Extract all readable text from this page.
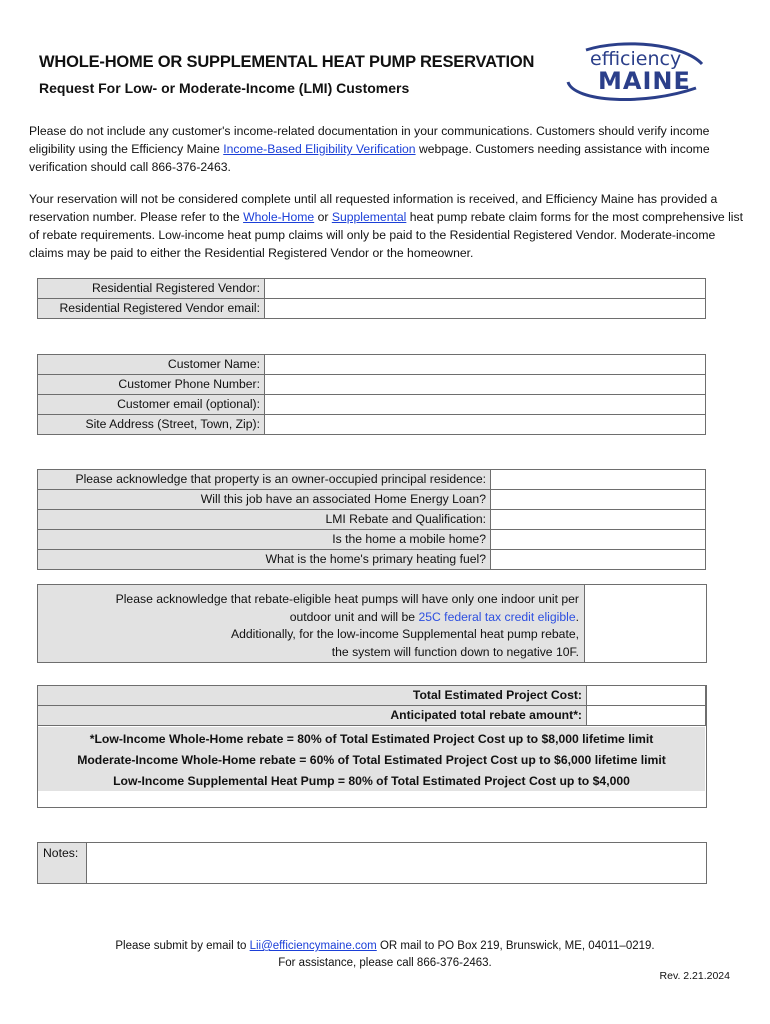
WHOLE-HOME OR SUPPLEMENTAL HEAT PUMP RESERVATION
Request For Low- or Moderate-Income (LMI) Customers
efficiency
MAINE
Please do not include any customer's income-related documentation in your communications. Customers should verify income eligibility using the Efficiency Maine Income-Based Eligibility Verification webpage. Customers needing assistance with income verification should call 866-376-2463.
Your reservation will not be considered complete until all requested information is received, and Efficiency Maine has provided a reservation number. Please refer to the Whole-Home or Supplemental heat pump rebate claim forms for the most comprehensive list of rebate requirements. Low-income heat pump claims will only be paid to the Residential Registered Vendor. Moderate-income claims may be paid to either the Residential Registered Vendor or the homeowner.
Residential Registered Vendor:	
Residential Registered Vendor email:	
Customer Name:	
Customer Phone Number:	
Customer email (optional):	
Site Address (Street, Town, Zip):	
Please acknowledge that property is an owner-occupied principal residence:	
Will this job have an associated Home Energy Loan?	
LMI Rebate and Qualification:	
Is the home a mobile home?	
What is the home's primary heating fuel?	
Please acknowledge that rebate-eligible heat pumps will have only one indoor unit per
outdoor unit and will be 25C federal tax credit eligible.
Additionally, for the low-income Supplemental heat pump rebate,
the system will function down to negative 10F.
Total Estimated Project Cost:	
Anticipated total rebate amount*:	
*Low-Income Whole-Home rebate = 80% of Total Estimated Project Cost up to $8,000 lifetime limit
Moderate-Income Whole-Home rebate = 60% of Total Estimated Project Cost up to $6,000 lifetime limit
Low-Income Supplemental Heat Pump = 80% of Total Estimated Project Cost up to $4,000
Notes:
Please submit by email to Lii@efficiencymaine.com OR mail to PO Box 219, Brunswick, ME, 04011–0219.
For assistance, please call 866-376-2463.
Rev. 2.21.2024
